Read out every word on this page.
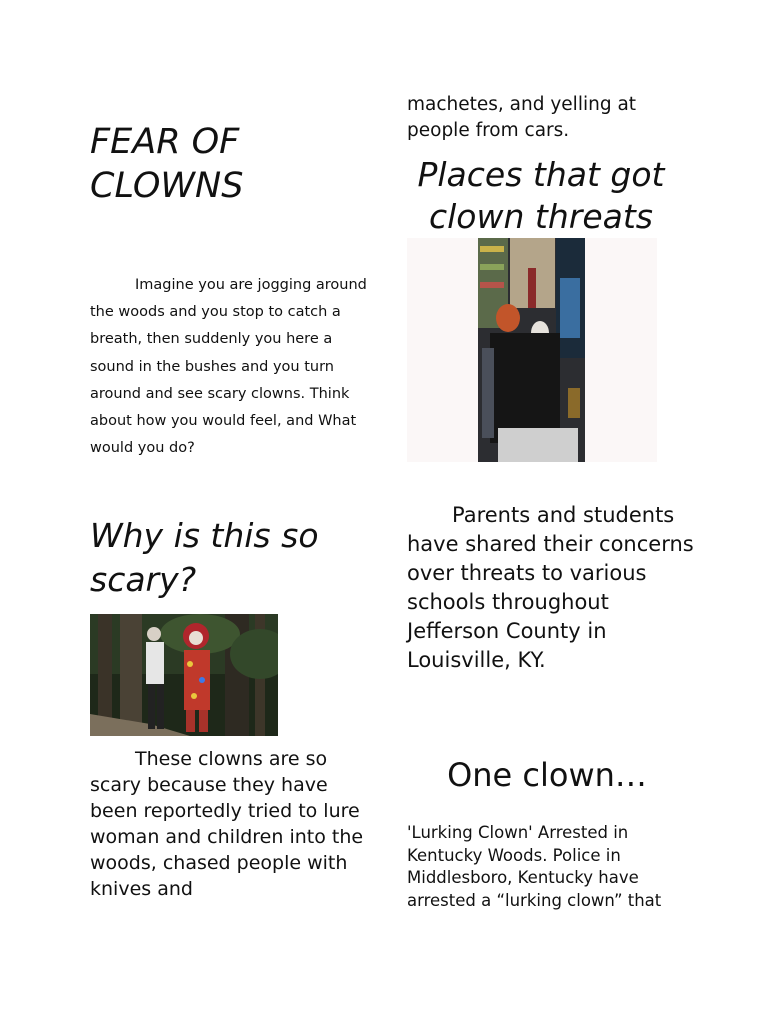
FEAR OF CLOWNS
Imagine you are jogging around the woods and you stop to catch a breath, then suddenly you here a sound in the bushes and you turn around and see scary clowns. Think about how you would feel, and What would you do?
Why is this so scary?
These clowns are so scary because they have been reportedly tried to lure woman and children into the woods, chased people with knives and
machetes, and yelling at people from cars.
Places that got clown threats
Parents and students have shared their concerns over threats to various schools throughout Jefferson County in Louisville, KY.
One clown…
'Lurking Clown' Arrested in Kentucky Woods. Police in Middlesboro, Kentucky have arrested a “lurking clown” that
